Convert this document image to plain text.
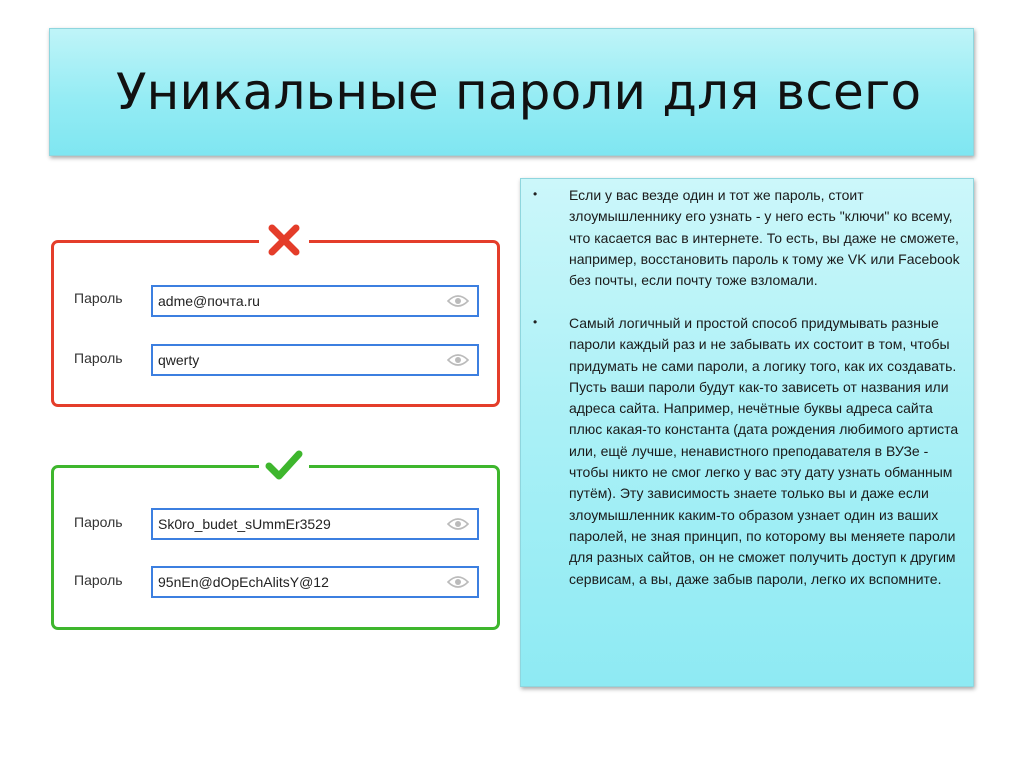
Уникальные пароли для всего
Пароль	adme@почта.ru
Пароль	qwerty
Пароль	Sk0ro_budet_sUmmEr3529
Пароль	95nEn@dOpEchAlitsY@12
• Если у вас везде один и тот же пароль, стоит злоумышленнику его узнать - у него есть "ключи" ко всему, что касается вас в интернете. То есть, вы даже не сможете, например, восстановить пароль к тому же VK или Facebook без почты, если почту тоже взломали.
• Самый логичный и простой способ придумывать разные пароли каждый раз и не забывать их состоит в том, чтобы придумать не сами пароли, а логику того, как их создавать. Пусть ваши пароли будут как-то зависеть от названия или адреса сайта. Например, нечётные буквы адреса сайта плюс какая-то константа (дата рождения любимого артиста или, ещё лучше, ненавистного преподавателя в ВУЗе - чтобы никто не смог легко у вас эту дату узнать обманным путём). Эту зависимость знаете только вы и даже если злоумышленник каким-то образом узнает один из ваших паролей, не зная принцип, по которому вы меняете пароли для разных сайтов, он не сможет получить доступ к другим сервисам, а вы, даже забыв пароли, легко их вспомните.
